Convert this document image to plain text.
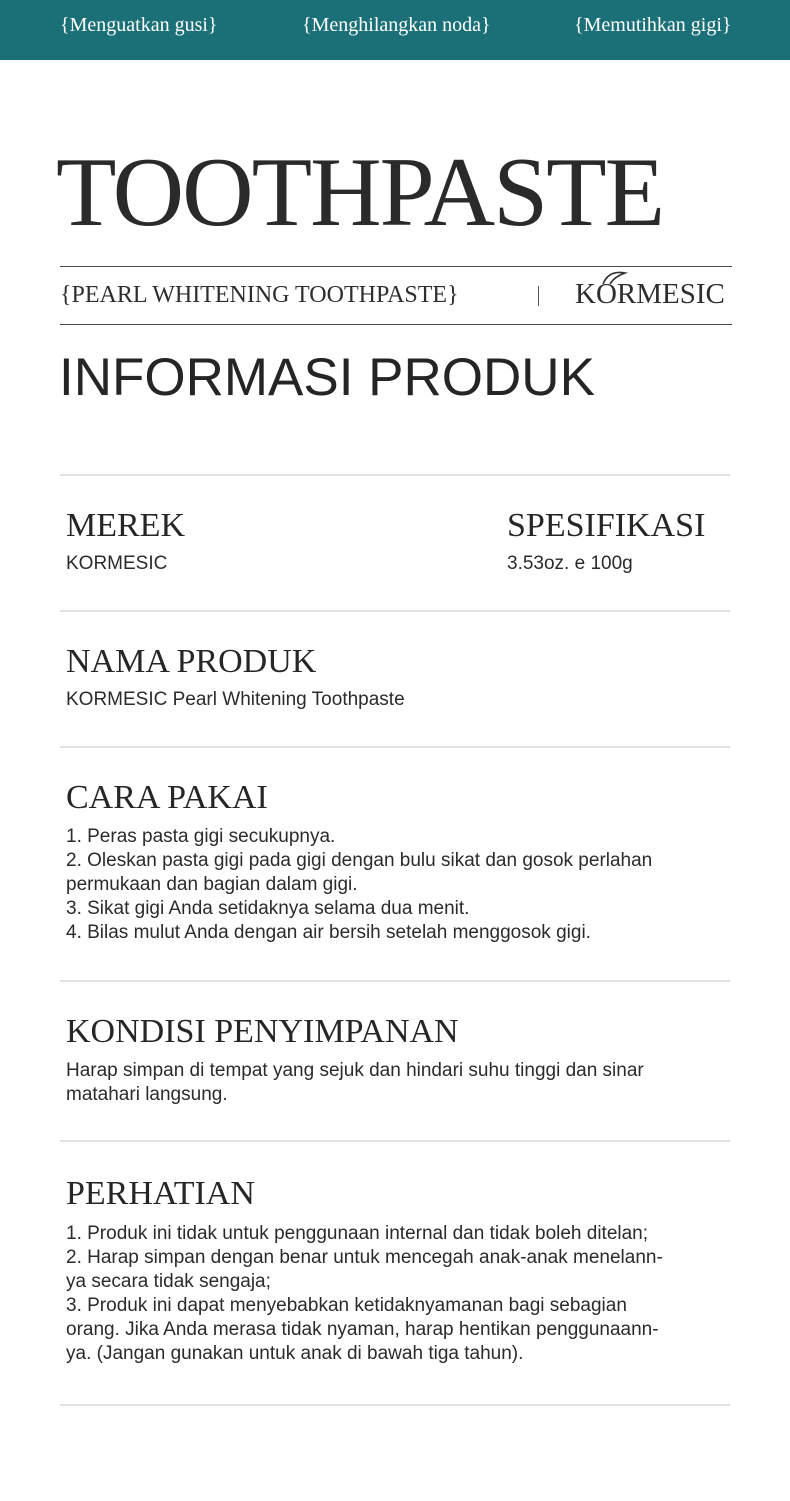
{Menguatkan gusi}	{Menghilangkan noda}	{Memutihkan gigi}
TOOTHPASTE
{PEARL WHITENING TOOTHPASTE}	KORMESIC
INFORMASI PRODUK
MEREK
KORMESIC
SPESIFIKASI
3.53oz. e 100g
NAMA PRODUK
KORMESIC Pearl Whitening Toothpaste
CARA PAKAI
1. Peras pasta gigi secukupnya.
2. Oleskan pasta gigi pada gigi dengan bulu sikat dan gosok perlahan
permukaan dan bagian dalam gigi.
3. Sikat gigi Anda setidaknya selama dua menit.
4. Bilas mulut Anda dengan air bersih setelah menggosok gigi.
KONDISI PENYIMPANAN
Harap simpan di tempat yang sejuk dan hindari suhu tinggi dan sinar
matahari langsung.
PERHATIAN
1. Produk ini tidak untuk penggunaan internal dan tidak boleh ditelan;
2. Harap simpan dengan benar untuk mencegah anak-anak menelann-
ya secara tidak sengaja;
3. Produk ini dapat menyebabkan ketidaknyamanan bagi sebagian
orang. Jika Anda merasa tidak nyaman, harap hentikan penggunaann-
ya. (Jangan gunakan untuk anak di bawah tiga tahun).
